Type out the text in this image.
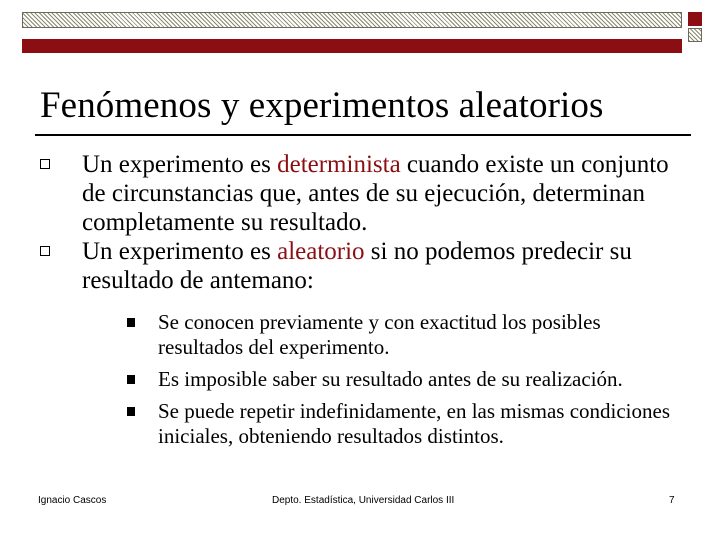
Fenómenos y experimentos aleatorios
Un experimento es determinista cuando existe un conjunto de circunstancias que, antes de su ejecución, determinan completamente su resultado.
Un experimento es aleatorio si no podemos predecir su resultado de antemano:
Se conocen previamente y con exactitud los posibles resultados del experimento.
Es imposible saber su resultado antes de su realización.
Se puede repetir indefinidamente, en las mismas condiciones iniciales, obteniendo resultados distintos.
Ignacio Cascos	Depto. Estadística, Universidad Carlos III	7
